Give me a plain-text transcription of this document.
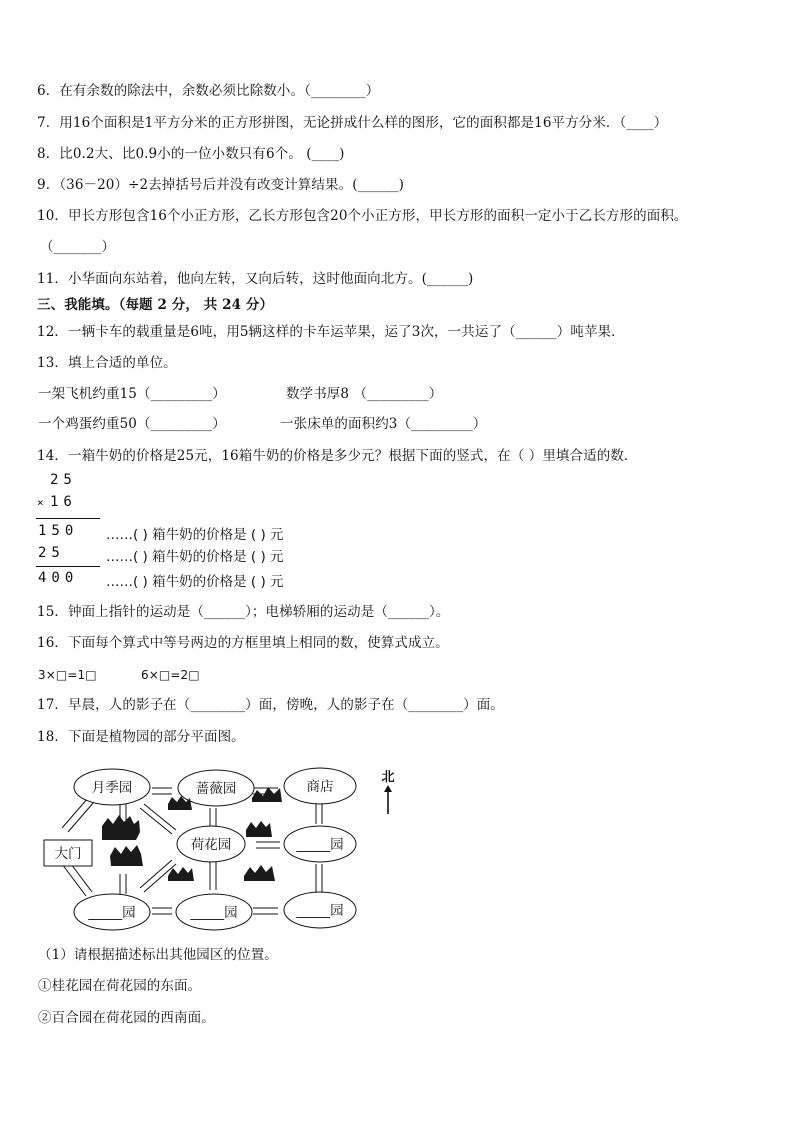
6．在有余数的除法中，余数必须比除数小。（________）
7．用16个面积是1平方分米的正方形拼图，无论拼成什么样的图形，它的面积都是16平方分米．（____）
8．比0.2大、比0.9小的一位小数只有6个。 (____)
9．（36－20）÷2去掉括号后并没有改变计算结果。(______)
10．甲长方形包含16个小正方形，乙长方形包含20个小正方形，甲长方形的面积一定小于乙长方形的面积。
（_______）
11．小华面向东站着，他向左转，又向后转，这时他面向北方。(______)
三、我能填。（每题 2 分， 共 24 分）
12．一辆卡车的载重量是6吨，用5辆这样的卡车运苹果，运了3次，一共运了（______）吨苹果．
13．填上合适的单位。
一架飞机约重15（_________）	数学书厚8 （_________）
一个鸡蛋约重50（_________）	一张床单的面积约3（_________）
14．一箱牛奶的价格是25元，16箱牛奶的价格是多少元？根据下面的竖式，在（ ）里填合适的数．
25
× 16
150 ……( ) 箱牛奶的价格是 ( ) 元
25	……( ) 箱牛奶的价格是 ( ) 元
400 ……( ) 箱牛奶的价格是 ( ) 元
15．钟面上指针的运动是（______）；电梯轿厢的运动是（______）。
16．下面每个算式中等号两边的方框里填上相同的数，使算式成立。
3×□=1□	6×□=2□
17．早晨，人的影子在（________）面，傍晚，人的影子在（________）面。
18．下面是植物园的部分平面图。
月季园	蔷薇园	商店
荷花园
大门
_____园
_____园	_____园	_____园
北
（1）请根据描述标出其他园区的位置。
①桂花园在荷花园的东面。
②百合园在荷花园的西南面。
